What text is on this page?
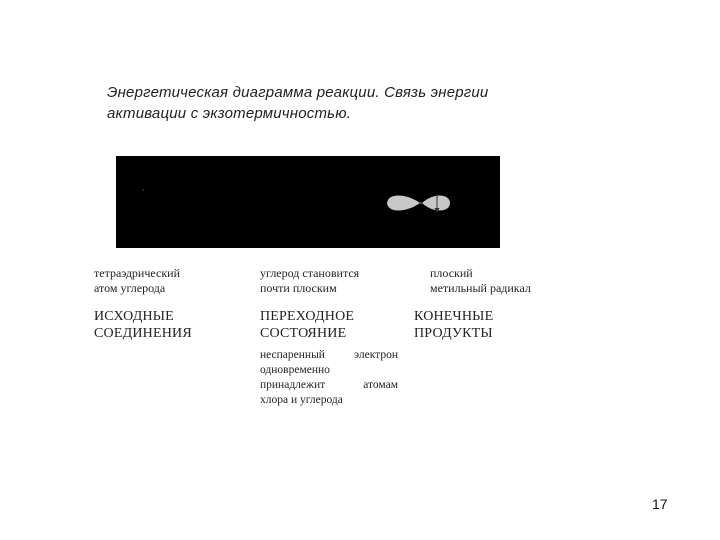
Энергетическая диаграмма реакции. Связь энергии
активации с экзотермичностью.
тетраэдрический
атом углерода
углерод становится
почти плоским
плоский
метильный радикал
ИСХОДНЫЕ
СОЕДИНЕНИЯ
ПЕРЕХОДНОЕ
СОСТОЯНИЕ
КОНЕЧНЫЕ
ПРОДУКТЫ
неспаренный электрон
одновременно
принадлежит атомам
хлора и углерода
17
